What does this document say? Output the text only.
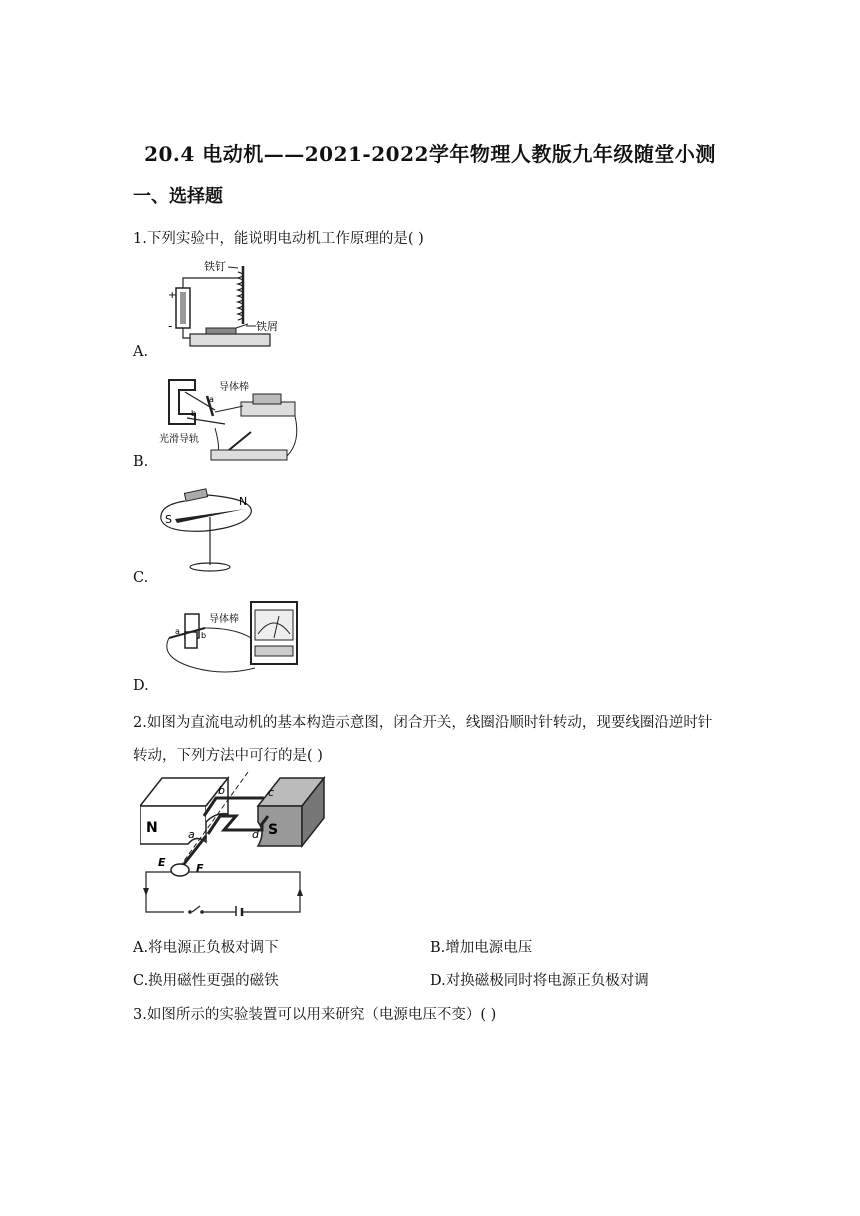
20.4 电动机——2021-2022学年物理人教版九年级随堂小测
一、选择题
1.下列实验中，能说明电动机工作原理的是( )
+
-
铁钉
铁屑
A.
导体棒
光滑导轨
a
b
B.
S
N
C.
导体棒
a	b
D.
2.如图为直流电动机的基本构造示意图，闭合开关，线圈沿顺时针转动，现要线圈沿逆时针
转动，下列方法中可行的是( )
N	S
b	c
a	d
E	F
A.将电源正负极对调下	B.增加电源电压
C.换用磁性更强的磁铁	D.对换磁极同时将电源正负极对调
3.如图所示的实验装置可以用来研究（电源电压不变）( )
